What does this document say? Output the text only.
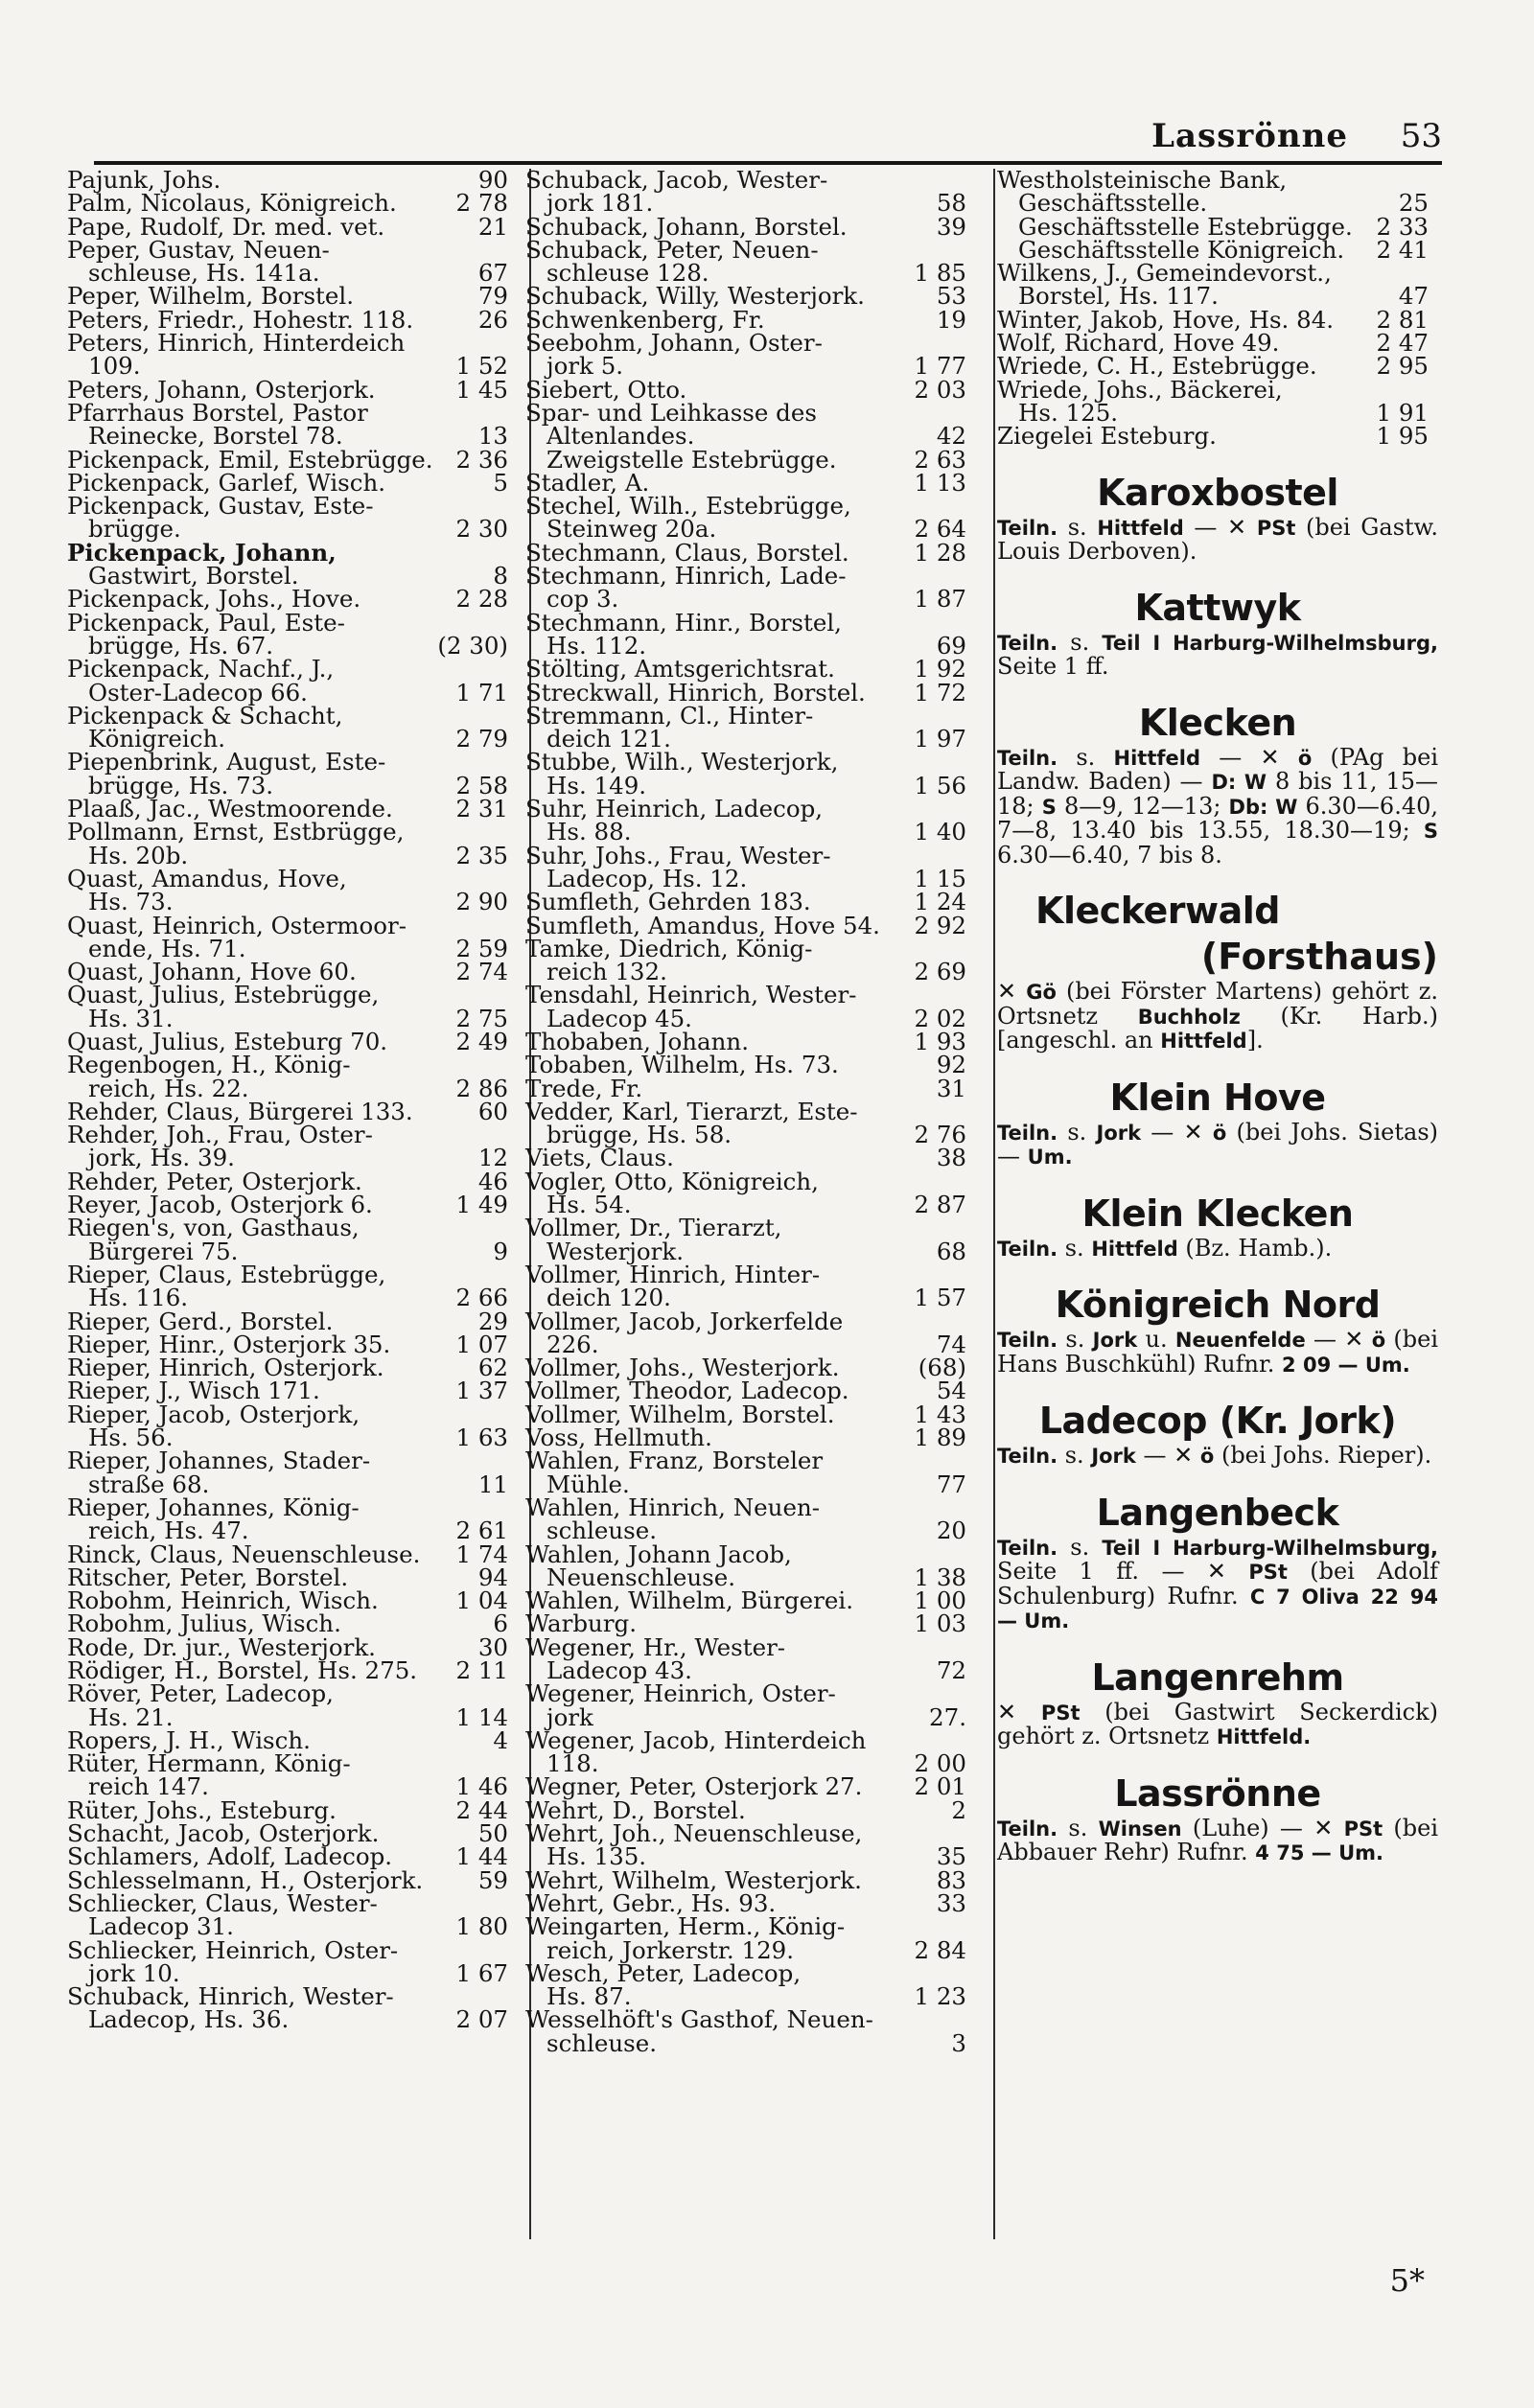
Lassrönne 53
Pajunk, Johs.	90
Palm, Nicolaus, Königreich.	2 78
Pape, Rudolf, Dr. med. vet.	21
Peper, Gustav, Neuen-
schleuse, Hs. 141a.	67
Peper, Wilhelm, Borstel.	79
Peters, Friedr., Hohestr. 118.	26
Peters, Hinrich, Hinterdeich
109.	1 52
Peters, Johann, Osterjork.	1 45
Pfarrhaus Borstel, Pastor
Reinecke, Borstel 78.	13
Pickenpack, Emil, Estebrügge. 2 36
Pickenpack, Garlef, Wisch.	5
Pickenpack, Gustav, Este-
brügge.	2 30
Pickenpack, Johann,
Gastwirt, Borstel.	8
Pickenpack, Johs., Hove.	2 28
Pickenpack, Paul, Este-
brügge, Hs. 67.	(2 30)
Pickenpack, Nachf., J.,
Oster-Ladecop 66.	1 71
Pickenpack & Schacht,
Königreich.	2 79
Piepenbrink, August, Este-
brügge, Hs. 73.	2 58
Plaaß, Jac., Westmoorende.	2 31
Pollmann, Ernst, Estbrügge,
Hs. 20b.	2 35
Quast, Amandus, Hove,
Hs. 73.	2 90
Quast, Heinrich, Ostermoor-
ende, Hs. 71.	2 59
Quast, Johann, Hove 60.	2 74
Quast, Julius, Estebrügge,
Hs. 31.	2 75
Quast, Julius, Esteburg 70.	2 49
Regenbogen, H., König-
reich, Hs. 22.	2 86
Rehder, Claus, Bürgerei 133.	60
Rehder, Joh., Frau, Oster-
jork, Hs. 39.	12
Rehder, Peter, Osterjork.	46
Reyer, Jacob, Osterjork 6.	1 49
Riegen's, von, Gasthaus,
Bürgerei 75.	9
Rieper, Claus, Estebrügge,
Hs. 116.	2 66
Rieper, Gerd., Borstel.	29
Rieper, Hinr., Osterjork 35.	1 07
Rieper, Hinrich, Osterjork.	62
Rieper, J., Wisch 171.	1 37
Rieper, Jacob, Osterjork,
Hs. 56.	1 63
Rieper, Johannes, Stader-
straße 68.	11
Rieper, Johannes, König-
reich, Hs. 47.	2 61
Rinck, Claus, Neuenschleuse.	1 74
Ritscher, Peter, Borstel.	94
Robohm, Heinrich, Wisch.	1 04
Robohm, Julius, Wisch.	6
Rode, Dr. jur., Westerjork.	30
Rödiger, H., Borstel, Hs. 275.	2 11
Röver, Peter, Ladecop,
Hs. 21.	1 14
Ropers, J. H., Wisch.	4
Rüter, Hermann, König-
reich 147.	1 46
Rüter, Johs., Esteburg.	2 44
Schacht, Jacob, Osterjork.	50
Schlamers, Adolf, Ladecop.	1 44
Schlesselmann, H., Osterjork.	59
Schliecker, Claus, Wester-
Ladecop 31.	1 80
Schliecker, Heinrich, Oster-
jork 10.	1 67
Schuback, Hinrich, Wester-
Ladecop, Hs. 36.	2 07
Schuback, Jacob, Wester-
jork 181.	58
Schuback, Johann, Borstel.	39
Schuback, Peter, Neuen-
schleuse 128.	1 85
Schuback, Willy, Westerjork.	53
Schwenkenberg, Fr.	19
Seebohm, Johann, Oster-
jork 5.	1 77
Siebert, Otto.	2 03
Spar- und Leihkasse des
Altenlandes.	42
Zweigstelle Estebrügge.	2 63
Stadler, A.	1 13
Stechel, Wilh., Estebrügge,
Steinweg 20a.	2 64
Stechmann, Claus, Borstel.	1 28
Stechmann, Hinrich, Lade-
cop 3.	1 87
Stechmann, Hinr., Borstel,
Hs. 112.	69
Stölting, Amtsgerichtsrat.	1 92
Streckwall, Hinrich, Borstel.	1 72
Stremmann, Cl., Hinter-
deich 121.	1 97
Stubbe, Wilh., Westerjork,
Hs. 149.	1 56
Suhr, Heinrich, Ladecop,
Hs. 88.	1 40
Suhr, Johs., Frau, Wester-
Ladecop, Hs. 12.	1 15
Sumfleth, Gehrden 183.	1 24
Sumfleth, Amandus, Hove 54.	2 92
Tamke, Diedrich, König-
reich 132.	2 69
Tensdahl, Heinrich, Wester-
Ladecop 45.	2 02
Thobaben, Johann.	1 93
Tobaben, Wilhelm, Hs. 73.	92
Trede, Fr.	31
Vedder, Karl, Tierarzt, Este-
brügge, Hs. 58.	2 76
Viets, Claus.	38
Vogler, Otto, Königreich,
Hs. 54.	2 87
Vollmer, Dr., Tierarzt,
Westerjork.	68
Vollmer, Hinrich, Hinter-
deich 120.	1 57
Vollmer, Jacob, Jorkerfelde
226.	74
Vollmer, Johs., Westerjork.	(68)
Vollmer, Theodor, Ladecop.	54
Vollmer, Wilhelm, Borstel.	1 43
Voss, Hellmuth.	1 89
Wahlen, Franz, Borsteler
Mühle.	77
Wahlen, Hinrich, Neuen-
schleuse.	20
Wahlen, Johann Jacob,
Neuenschleuse.	1 38
Wahlen, Wilhelm, Bürgerei.	1 00
Warburg.	1 03
Wegener, Hr., Wester-
Ladecop 43.	72
Wegener, Heinrich, Oster-
jork	27.
Wegener, Jacob, Hinterdeich
118.	2 00
Wegner, Peter, Osterjork 27.	2 01
Wehrt, D., Borstel.	2
Wehrt, Joh., Neuenschleuse,
Hs. 135.	35
Wehrt, Wilhelm, Westerjork.	83
Wehrt, Gebr., Hs. 93.	33
Weingarten, Herm., König-
reich, Jorkerstr. 129.	2 84
Wesch, Peter, Ladecop,
Hs. 87.	1 23
Wesselhöft's Gasthof, Neuen-
schleuse.	3
Westholsteinische Bank,
Geschäftsstelle.	25
Geschäftsstelle Estebrügge.	2 33
Geschäftsstelle Königreich.	2 41
Wilkens, J., Gemeindevorst.,
Borstel, Hs. 117.	47
Winter, Jakob, Hove, Hs. 84.	2 81
Wolf, Richard, Hove 49.	2 47
Wriede, C. H., Estebrügge.	2 95
Wriede, Johs., Bäckerei,
Hs. 125.	1 91
Ziegelei Esteburg.	1 95
Karoxbostel
Teiln. s. Hittfeld — ✕ PSt (bei Gastw. Louis Derboven).
Kattwyk
Teiln. s. Teil I Harburg-Wilhelmsburg, Seite 1 ff.
Klecken
Teiln. s. Hittfeld — ✕ ö (PAg bei Landw. Baden) — D: W 8 bis 11, 15—18; S 8—9, 12—13; Db: W 6.30—6.40, 7—8, 13.40 bis 13.55, 18.30—19; S 6.30—6.40, 7 bis 8.
Kleckerwald
(Forsthaus)
✕ Gö (bei Förster Martens) gehört z. Ortsnetz Buchholz (Kr. Harb.) [angeschl. an Hittfeld].
Klein Hove
Teiln. s. Jork — ✕ ö (bei Johs. Sietas) — Um.
Klein Klecken
Teiln. s. Hittfeld (Bz. Hamb.).
Königreich Nord
Teiln. s. Jork u. Neuenfelde — ✕ ö (bei Hans Buschkühl) Rufnr. 2 09 — Um.
Ladecop (Kr. Jork)
Teiln. s. Jork — ✕ ö (bei Johs. Rieper).
Langenbeck
Teiln. s. Teil I Harburg-Wilhelmsburg, Seite 1 ff. — ✕ PSt (bei Adolf Schulenburg) Rufnr. C 7 Oliva 22 94 — Um.
Langenrehm
✕ PSt (bei Gastwirt Seckerdick) gehört z. Ortsnetz Hittfeld.
Lassrönne
Teiln. s. Winsen (Luhe) — ✕ PSt (bei Abbauer Rehr) Rufnr. 4 75 — Um.
5*
